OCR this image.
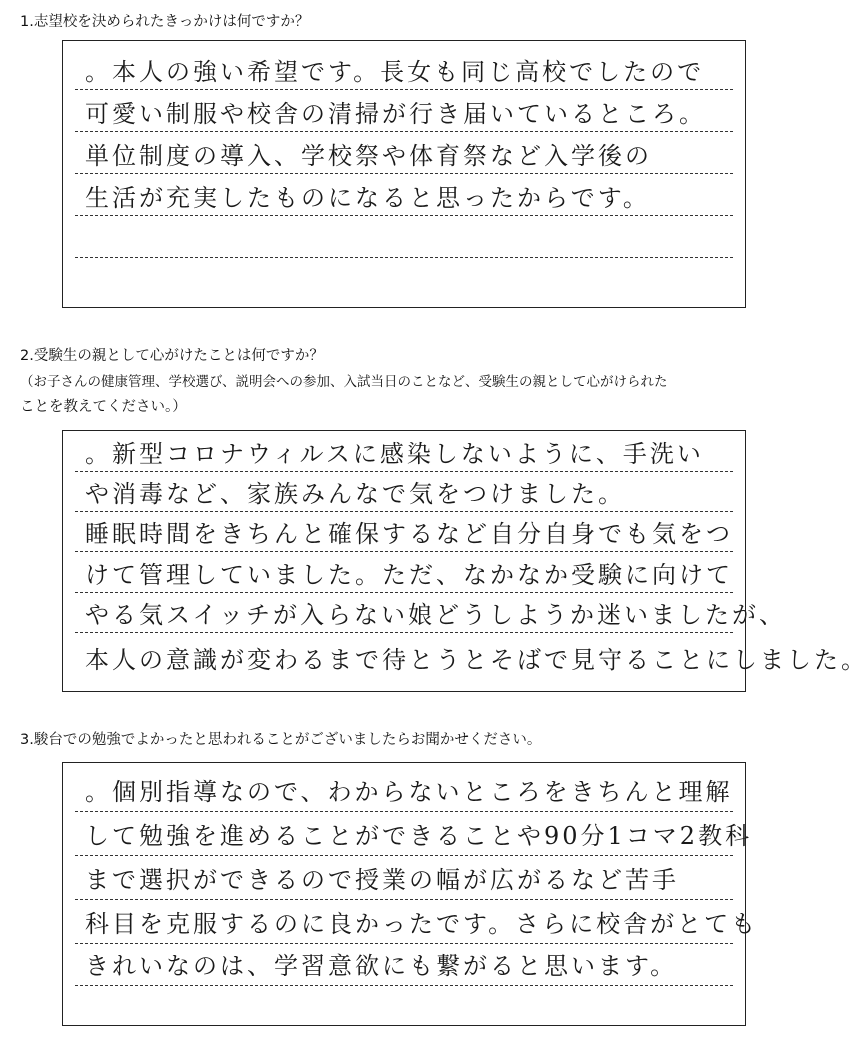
1.志望校を決められたきっかけは何ですか？
。本人の強い希望です。長女も同じ高校でしたので
可愛い制服や校舎の清掃が行き届いているところ。
単位制度の導入、学校祭や体育祭など入学後の
生活が充実したものになると思ったからです。
2.受験生の親として心がけたことは何ですか？
（お子さんの健康管理、学校選び、説明会への参加、入試当日のことなど、受験生の親として心がけられた
ことを教えてください。）
。新型コロナウィルスに感染しないように、手洗い
や消毒など、家族みんなで気をつけました。
睡眠時間をきちんと確保するなど自分自身でも気をつ
けて管理していました。ただ、なかなか受験に向けて
やる気スイッチが入らない娘どうしようか迷いましたが、
本人の意識が変わるまで待とうとそばで見守ることにしました。
3.駿台での勉強でよかったと思われることがございましたらお聞かせください。
。個別指導なので、わからないところをきちんと理解
して勉強を進めることができることや90分1コマ2教科
まで選択ができるので授業の幅が広がるなど苦手
科目を克服するのに良かったです。さらに校舎がとても
きれいなのは、学習意欲にも繋がると思います。
